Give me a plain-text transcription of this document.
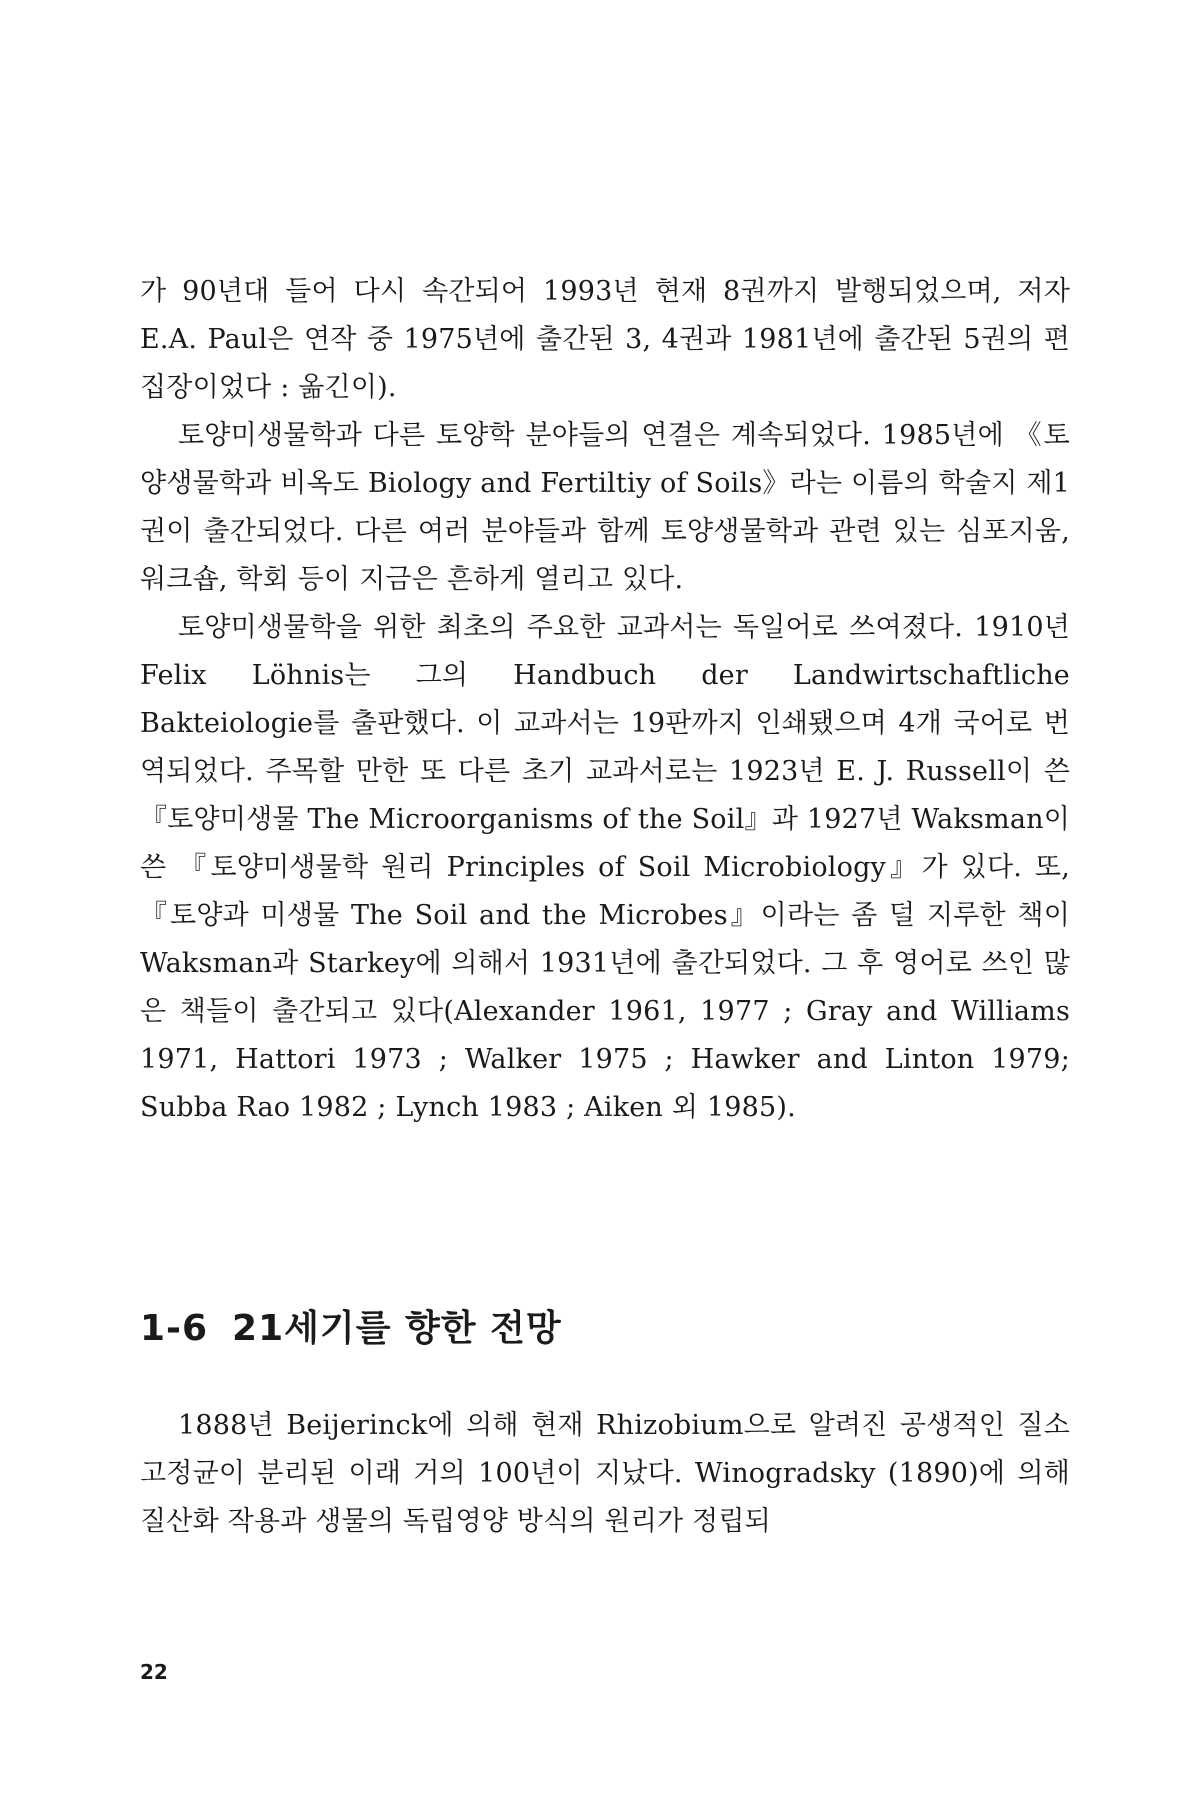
가 90년대 들어 다시 속간되어 1993년 현재 8권까지 발행되었으며, 저자 E.A. Paul은 연작 중 1975년에 출간된 3, 4권과 1981년에 출간된 5권의 편집장이었다 : 옮긴이).

토양미생물학과 다른 토양학 분야들의 연결은 계속되었다. 1985년에 《토양생물학과 비옥도 Biology and Fertiltiy of Soils》라는 이름의 학술지 제1권이 출간되었다. 다른 여러 분야들과 함께 토양생물학과 관련 있는 심포지움, 워크숍, 학회 등이 지금은 흔하게 열리고 있다.

토양미생물학을 위한 최초의 주요한 교과서는 독일어로 쓰여졌다. 1910년 Felix Löhnis는 그의 Handbuch der Landwirtschaftliche Bakteiologie를 출판했다. 이 교과서는 19판까지 인쇄됐으며 4개 국어로 번역되었다. 주목할 만한 또 다른 초기 교과서로는 1923년 E. J. Russell이 쓴 『토양미생물 The Microorganisms of the Soil』과 1927년 Waksman이 쓴 『토양미생물학 원리 Principles of Soil Microbiology』가 있다. 또, 『토양과 미생물 The Soil and the Microbes』이라는 좀 덜 지루한 책이 Waksman과 Starkey에 의해서 1931년에 출간되었다. 그 후 영어로 쓰인 많은 책들이 출간되고 있다(Alexander 1961, 1977 ; Gray and Williams 1971, Hattori 1973 ; Walker 1975 ; Hawker and Linton 1979; Subba Rao 1982 ; Lynch 1983 ; Aiken 외 1985).

1-6 21세기를 향한 전망

1888년 Beijerinck에 의해 현재 Rhizobium으로 알려진 공생적인 질소고정균이 분리된 이래 거의 100년이 지났다. Winogradsky (1890)에 의해 질산화 작용과 생물의 독립영양 방식의 원리가 정립되

22
